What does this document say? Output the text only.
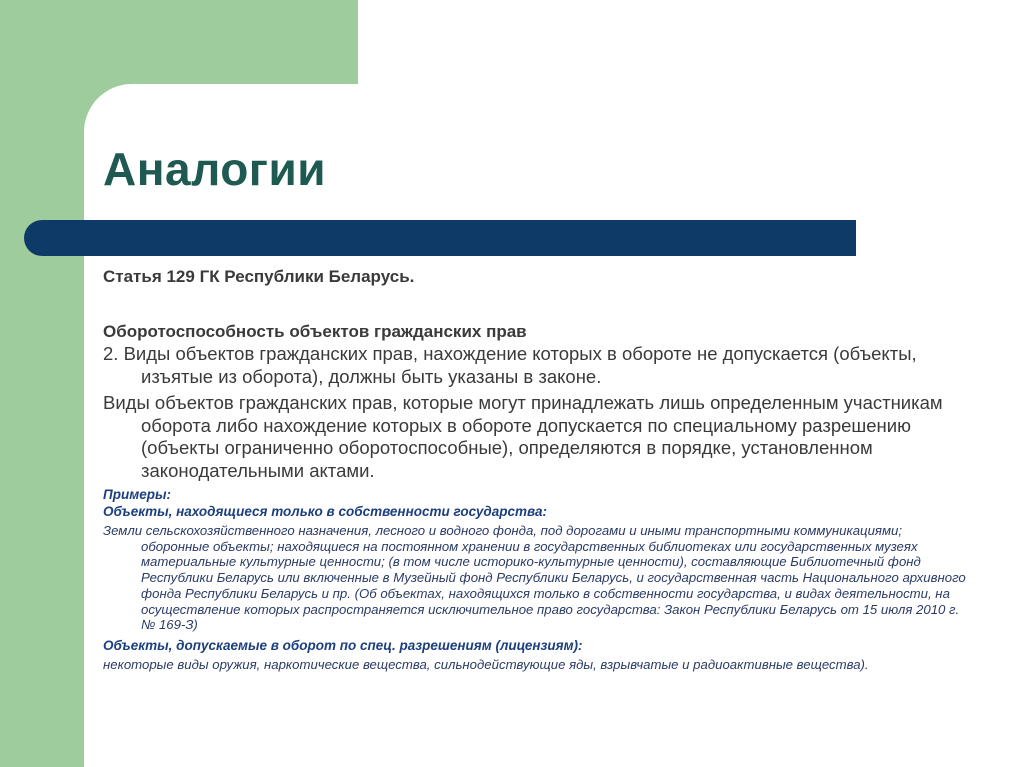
Аналогии

Статья 129 ГК Республики Беларусь.

Оборотоспособность объектов гражданских прав

2. Виды объектов гражданских прав, нахождение которых в обороте не допускается (объекты, изъятые из оборота), должны быть указаны в законе.

Виды объектов гражданских прав, которые могут принадлежать лишь определенным участникам оборота либо нахождение которых в обороте допускается по специальному разрешению (объекты ограниченно оборотоспособные), определяются в порядке, установленном законодательными актами.

Примеры:

Объекты, находящиеся только в собственности государства:

Земли сельскохозяйственного назначения, лесного и водного фонда, под дорогами и иными транспортными коммуникациями; оборонные объекты; находящиеся на постоянном хранении в государственных библиотеках или государственных музеях материальные культурные ценности; (в том числе историко-культурные ценности), составляющие Библиотечный фонд Республики Беларусь или включенные в Музейный фонд Республики Беларусь, и государственная часть Национального архивного фонда Республики Беларусь и пр. (Об объектах, находящихся только в собственности государства, и видах деятельности, на осуществление которых распространяется исключительное право государства: Закон Республики Беларусь от 15 июля 2010 г. № 169-З)

Объекты, допускаемые в оборот по спец. разрешениям (лицензиям):

некоторые виды оружия, наркотические вещества, сильнодействующие яды, взрывчатые и радиоактивные вещества).
